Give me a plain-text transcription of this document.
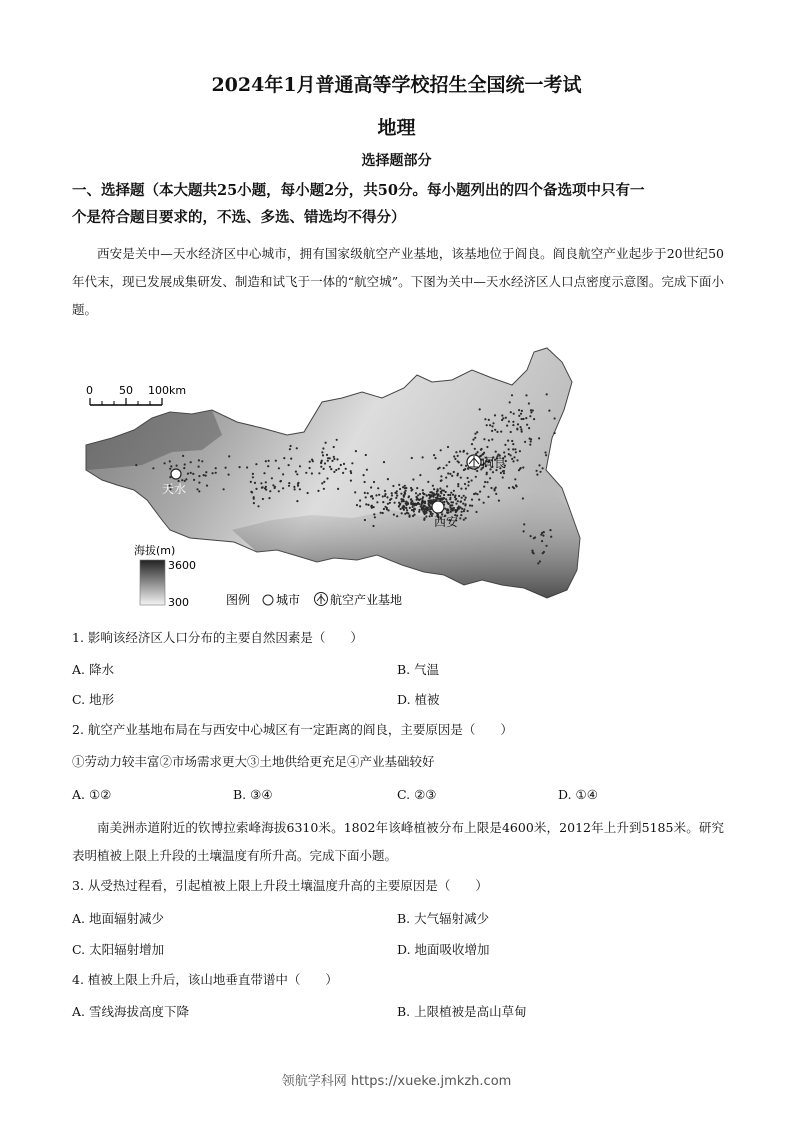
2024年1月普通高等学校招生全国统一考试
地理
选择题部分
一、选择题（本大题共25小题，每小题2分，共50分。每小题列出的四个备选项中只有一
个是符合题目要求的，不选、多选、错选均不得分）
西安是关中—天水经济区中心城市，拥有国家级航空产业基地，该基地位于阎良。阎良航空产业起步于20世纪50年代末，现已发展成集研发、制造和试飞于一体的“航空城”。下图为关中—天水经济区人口点密度示意图。完成下面小题。
0 50 100km
天水
西安
阎良
海拔(m)
3600
300	图例 城市 航空产业基地
1. 影响该经济区人口分布的主要自然因素是（　　）
A. 降水	B. 气温
C. 地形	D. 植被
2. 航空产业基地布局在与西安中心城区有一定距离的阎良，主要原因是（　　）
①劳动力较丰富②市场需求更大③土地供给更充足④产业基础较好
A. ①②	B. ③④	C. ②③	D. ①④
南美洲赤道附近的钦博拉索峰海拔6310米。1802年该峰植被分布上限是4600米，2012年上升到5185米。研究表明植被上限上升段的土壤温度有所升高。完成下面小题。
3. 从受热过程看，引起植被上限上升段土壤温度升高的主要原因是（　　）
A. 地面辐射减少	B. 大气辐射减少
C. 太阳辐射增加	D. 地面吸收增加
4. 植被上限上升后，该山地垂直带谱中（　　）
A. 雪线海拔高度下降	B. 上限植被是高山草甸
领航学科网 https://xueke.jmkzh.com
